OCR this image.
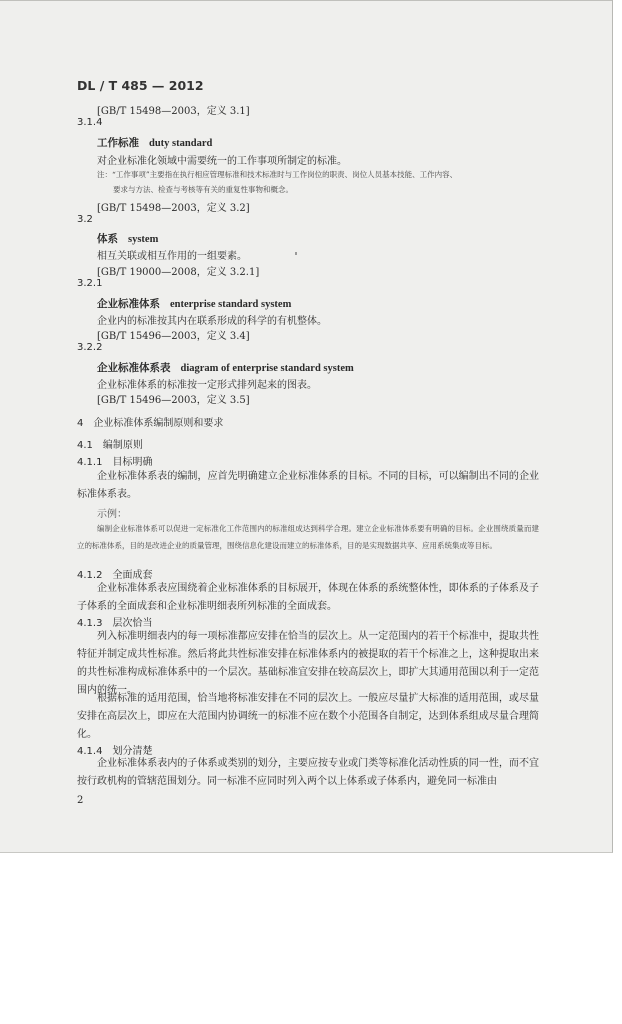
DL / T 485 — 2012
[GB/T 15498—2003，定义 3.1]
3.1.4
工作标准 duty standard
对企业标准化领域中需要统一的工作事项所制定的标准。
注：“工作事项”主要指在执行相应管理标准和技术标准时与工作岗位的职责、岗位人员基本技能、工作内容、
要求与方法、检查与考核等有关的重复性事物和概念。
[GB/T 15498—2003，定义 3.2]
3.2
体系 system
相互关联或相互作用的一组要素。
[GB/T 19000—2008，定义 3.2.1]
3.2.1
企业标准体系 enterprise standard system
企业内的标准按其内在联系形成的科学的有机整体。
[GB/T 15496—2003，定义 3.4]
3.2.2
企业标准体系表 diagram of enterprise standard system
企业标准体系的标准按一定形式排列起来的图表。
[GB/T 15496—2003，定义 3.5]
4　企业标准体系编制原则和要求
4.1　编制原则
4.1.1　目标明确
企业标准体系表的编制，应首先明确建立企业标准体系的目标。不同的目标，可以编制出不同的企业标准体系表。
示例：
编制企业标准体系可以促进一定标准化工作范围内的标准组成达到科学合理。建立企业标准体系要有明确的目标。企业围绕质量而建立的标准体系，目的是改进企业的质量管理，围绕信息化建设而建立的标准体系，目的是实现数据共享、应用系统集成等目标。
4.1.2　全面成套
企业标准体系表应围绕着企业标准体系的目标展开，体现在体系的系统整体性，即体系的子体系及子子体系的全面成套和企业标准明细表所列标准的全面成套。
4.1.3　层次恰当
列入标准明细表内的每一项标准都应安排在恰当的层次上。从一定范围内的若干个标准中，提取共性特征并制定成共性标准。然后将此共性标准安排在标准体系内的被提取的若干个标准之上，这种提取出来的共性标准构成标准体系中的一个层次。基础标准宜安排在较高层次上，即扩大其通用范围以利于一定范围内的统一。
根据标准的适用范围，恰当地将标准安排在不同的层次上。一般应尽量扩大标准的适用范围，或尽量安排在高层次上，即应在大范围内协调统一的标准不应在数个小范围各自制定，达到体系组成尽量合理简化。
4.1.4　划分清楚
企业标准体系表内的子体系或类别的划分，主要应按专业或门类等标准化活动性质的同一性，而不宜按行政机构的管辖范围划分。同一标准不应同时列入两个以上体系或子体系内，避免同一标准由
2
